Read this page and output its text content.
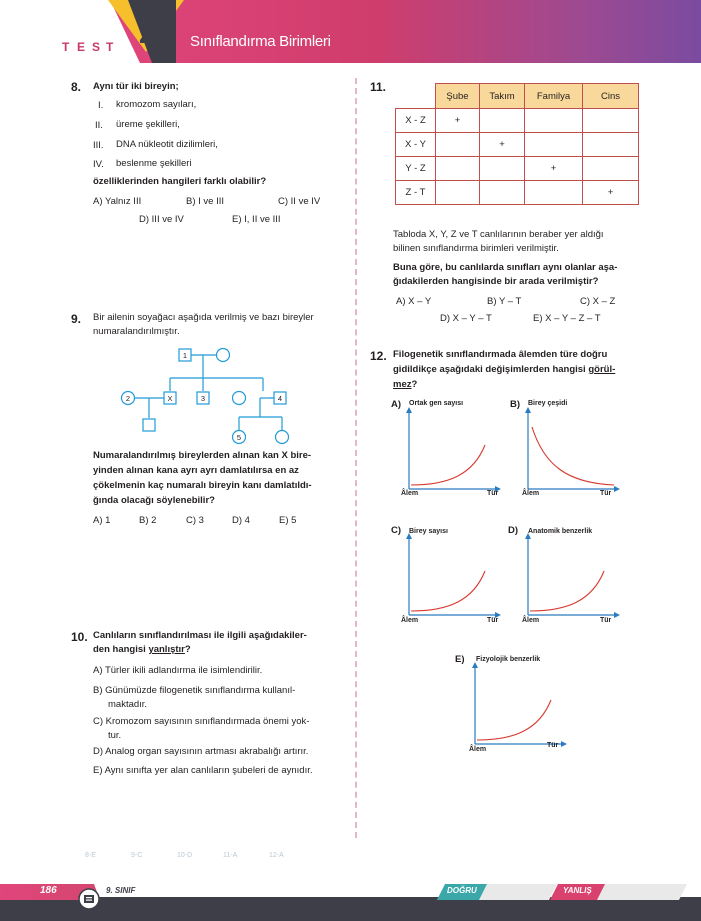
T E S T 2 Sınıflandırma Birimleri
8. Aynı tür iki bireyin;
I. kromozom sayıları,
II. üreme şekilleri,
III. DNA nükleotit dizilimleri,
IV. beslenme şekilleri
özelliklerinden hangileri farklı olabilir?
A) Yalnız III	B) I ve III	C) II ve IV
D) III ve IV	E) I, II ve III
9. Bir ailenin soyağacı aşağıda verilmiş ve bazı bireyler
numaralandırılmıştır.
1
2	X	3	4
5
Numaralandırılmış bireylerden alınan kan X bire-
yinden alınan kana ayrı ayrı damlatılırsa en az
çökelmenin kaç numaralı bireyin kanı damlatıldı-
ğında olacağı söylenebilir?
A) 1	B) 2	C) 3	D) 4	E) 5
10. Canlıların sınıflandırılması ile ilgili aşağıdakiler-
den hangisi yanlıştır?
A) Türler ikili adlandırma ile isimlendirilir.
B) Günümüzde filogenetik sınıflandırma kullanıl-
maktadır.
C) Kromozom sayısının sınıflandırmada önemi yok-
tur.
D) Analog organ sayısının artması akrabalığı artırır.
E) Aynı sınıfta yer alan canlıların şubeleri de aynıdır.
11.
	Şube	Takım	Familya	Cins
X - Z	+			
X - Y		+		
Y - Z			+	
Z - T				+
Tabloda X, Y, Z ve T canlılarının beraber yer aldığı
bilinen sınıflandırma birimleri verilmiştir.
Buna göre, bu canlılarda sınıfları aynı olanlar aşa-
ğıdakilerden hangisinde bir arada verilmiştir?
A) X – Y	B) Y – T	C) X – Z
D) X – Y – T	E) X – Y – Z – T
12. Filogenetik sınıflandırmada âlemden türe doğru
gidildikçe aşağıdaki değişimlerden hangisi görül-
mez?
A) Ortak gen sayısı
Âlem	Tür
B) Birey çeşidi
Âlem	Tür
C) Birey sayısı
Âlem	Tür
D) Anatomik benzerlik
Âlem	Tür
E) Fizyolojik benzerlik
Âlem
Tür
8-E	9-C	10-D	11-A	12-A
186	9. SINIF	DOĞRU	YANLIŞ
